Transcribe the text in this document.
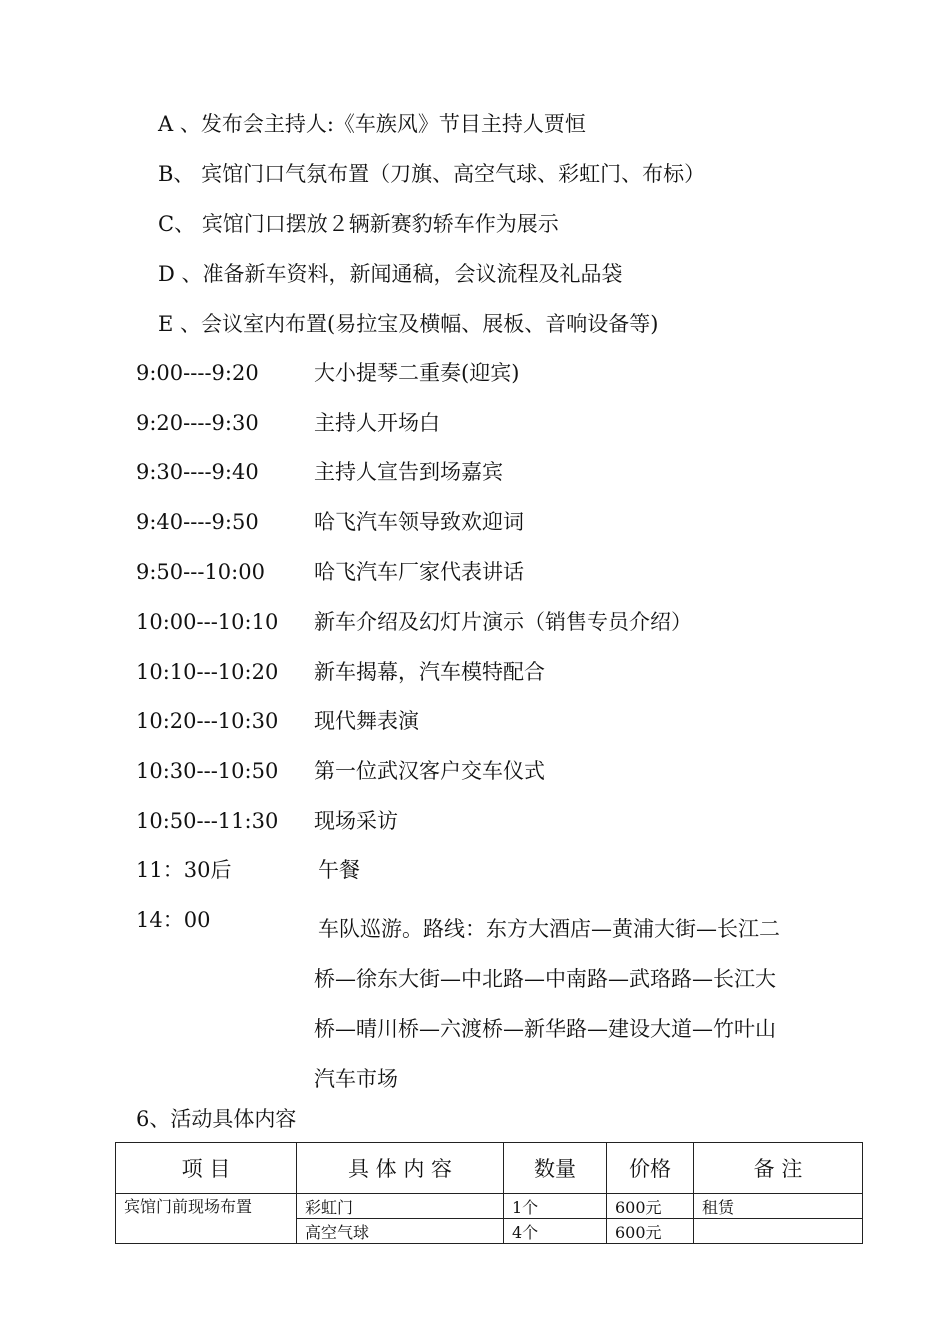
A 、发布会主持人:《车族风》节目主持人贾恒
B、 宾馆门口气氛布置（刀旗、高空气球、彩虹门、布标）
C、 宾馆门口摆放２辆新赛豹轿车作为展示
D 、准备新车资料，新闻通稿，会议流程及礼品袋
E 、会议室内布置(易拉宝及横幅、展板、音响设备等)
9:00----9:20	大小提琴二重奏(迎宾)
9:20----9:30	主持人开场白
9:30----9:40	主持人宣告到场嘉宾
9:40----9:50	哈飞汽车领导致欢迎词
9:50---10:00 哈飞汽车厂家代表讲话
10:00---10:10 新车介绍及幻灯片演示（销售专员介绍）
10:10---10:20 新车揭幕，汽车模特配合
10:20---10:30 现代舞表演
10:30---10:50 第一位武汉客户交车仪式
10:50---11:30 现场采访
11：30后	午餐
14：00	车队巡游。路线：东方大酒店—黄浦大街—长江二
桥—徐东大街—中北路—中南路—武珞路—长江大
桥—晴川桥—六渡桥—新华路—建设大道—竹叶山
汽车市场
6、活动具体内容
项 目	具 体 内 容	数量	价格	备 注
宾馆门前现场布置	彩虹门	1个	600元	租赁
	高空气球	4个	600元	
